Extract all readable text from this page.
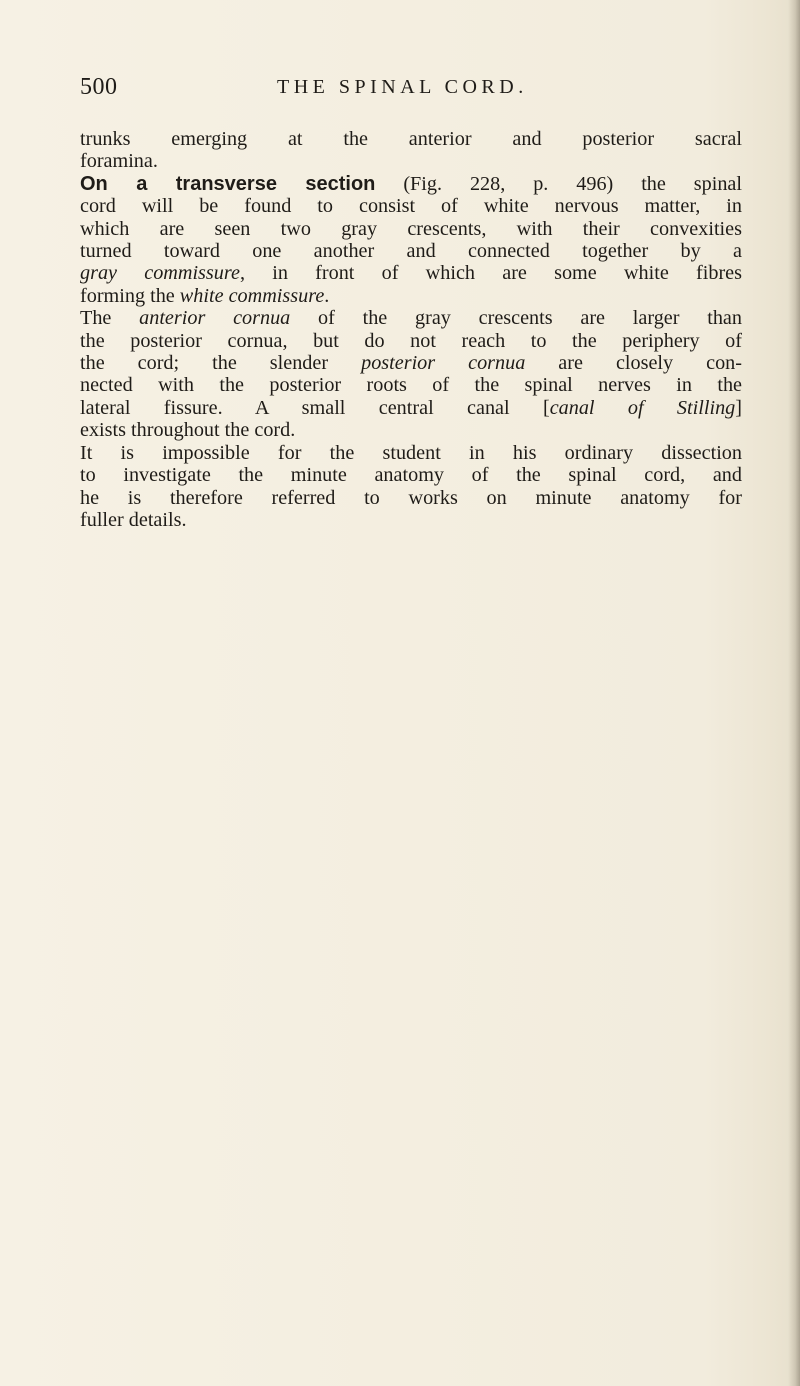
500	THE SPINAL CORD.
trunks emerging at the anterior and posterior sacral
foramina.
On a transverse section (Fig. 228, p. 496) the spinal
cord will be found to consist of white nervous matter, in
which are seen two gray crescents, with their convexities
turned toward one another and connected together by a
gray commissure, in front of which are some white fibres
forming the white commissure.
The anterior cornua of the gray crescents are larger than
the posterior cornua, but do not reach to the periphery of
the cord; the slender posterior cornua are closely con-
nected with the posterior roots of the spinal nerves in the
lateral fissure. A small central canal [canal of Stilling]
exists throughout the cord.
It is impossible for the student in his ordinary dissection
to investigate the minute anatomy of the spinal cord, and
he is therefore referred to works on minute anatomy for
fuller details.
